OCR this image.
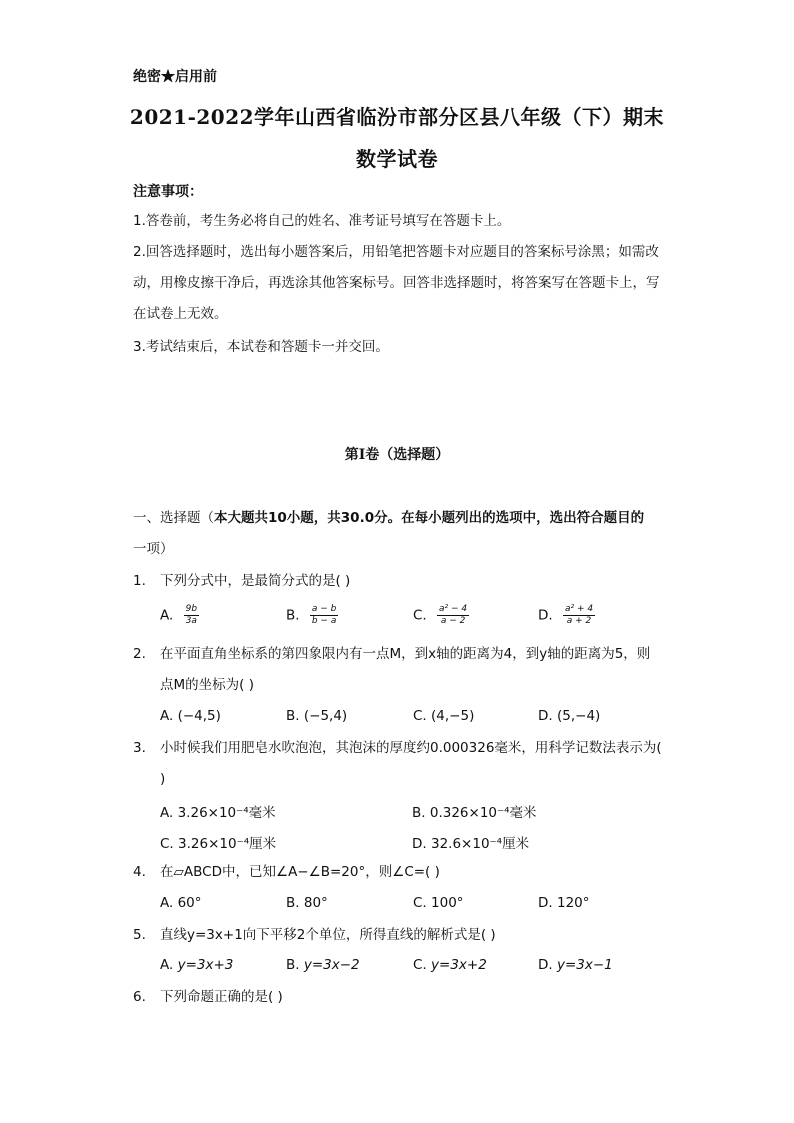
绝密★启用前
2021-2022学年山西省临汾市部分区县八年级（下）期末
数学试卷
注意事项：
1.答卷前，考生务必将自己的姓名、准考证号填写在答题卡上。
2.回答选择题时，选出每小题答案后，用铅笔把答题卡对应题目的答案标号涂黑；如需改动，用橡皮擦干净后，再选涂其他答案标号。回答非选择题时，将答案写在答题卡上，写在试卷上无效。
3.考试结束后，本试卷和答题卡一并交回。
第I卷（选择题）
一、选择题（本大题共10小题，共30.0分。在每小题列出的选项中，选出符合题目的
一项）
1. 下列分式中，是最简分式的是( )
A. $\frac{9b}{3a}$	B. $\frac{a - b}{b - a}$	C. $\frac{\text{a² − 4}}{a - 2}$	D. $\frac{\text{a² + 4}}{a + 2}$
2. 在平面直角坐标系的第四象限内有一点M，到x轴的距离为4，到y轴的距离为5，则点M的坐标为( )
A. (−4,5)	B. (−5,4)	C. (4,−5)	D. (5,−4)
3. 小时候我们用肥皂水吹泡泡，其泡沫的厚度约0.000326毫米，用科学记数法表示为( )
A. 3.26×10⁻⁴毫米	B. 0.326×10⁻⁴毫米
C. 3.26×10⁻⁴厘米	D. 32.6×10⁻⁴厘米
4. 在▱ABCD中，已知∠A−∠B=20°，则∠C=( )
A. 60°	B. 80°	C. 100°	D. 120°
5. 直线y=3x+1向下平移2个单位，所得直线的解析式是( )
A. y=3x+3	B. y=3x−2	C. y=3x+2	D. y=3x−1
6. 下列命题正确的是( )
